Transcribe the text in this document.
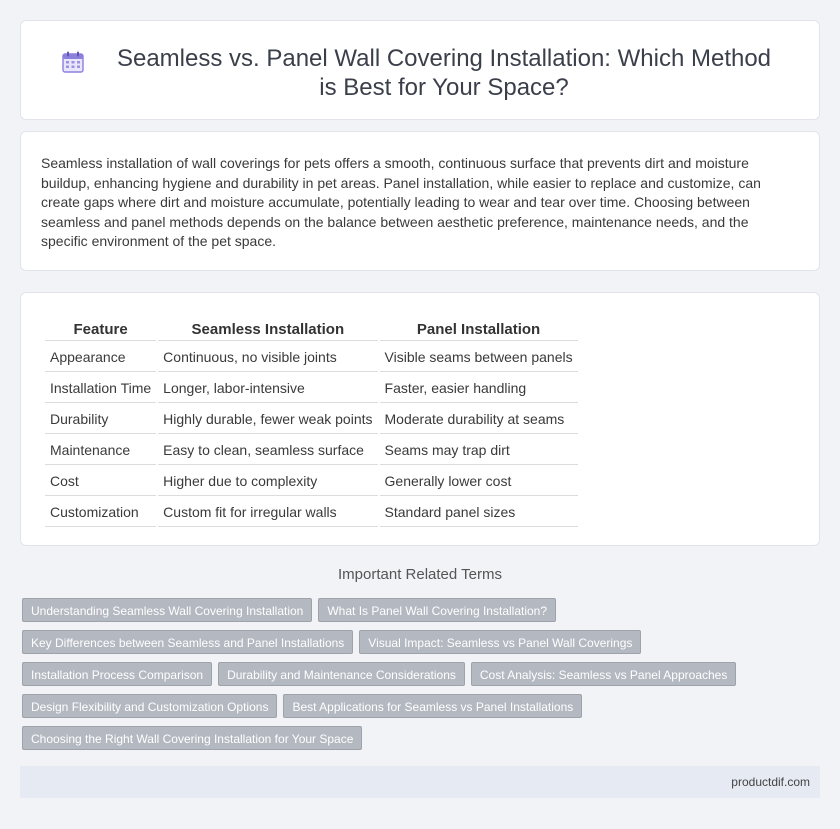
Seamless vs. Panel Wall Covering Installation: Which Method is Best for Your Space?

Seamless installation of wall coverings for pets offers a smooth, continuous surface that prevents dirt and moisture buildup, enhancing hygiene and durability in pet areas. Panel installation, while easier to replace and customize, can create gaps where dirt and moisture accumulate, potentially leading to wear and tear over time. Choosing between seamless and panel methods depends on the balance between aesthetic preference, maintenance needs, and the specific environment of the pet space.

Feature	Seamless Installation	Panel Installation
Appearance	Continuous, no visible joints	Visible seams between panels
Installation Time	Longer, labor-intensive	Faster, easier handling
Durability	Highly durable, fewer weak points	Moderate durability at seams
Maintenance	Easy to clean, seamless surface	Seams may trap dirt
Cost	Higher due to complexity	Generally lower cost
Customization	Custom fit for irregular walls	Standard panel sizes
Important Related Terms
Understanding Seamless Wall Covering Installation	What Is Panel Wall Covering Installation?
Key Differences between Seamless and Panel Installations	Visual Impact: Seamless vs Panel Wall Coverings
Installation Process Comparison	Durability and Maintenance Considerations	Cost Analysis: Seamless vs Panel Approaches
Design Flexibility and Customization Options	Best Applications for Seamless vs Panel Installations
Choosing the Right Wall Covering Installation for Your Space
productdif.com
